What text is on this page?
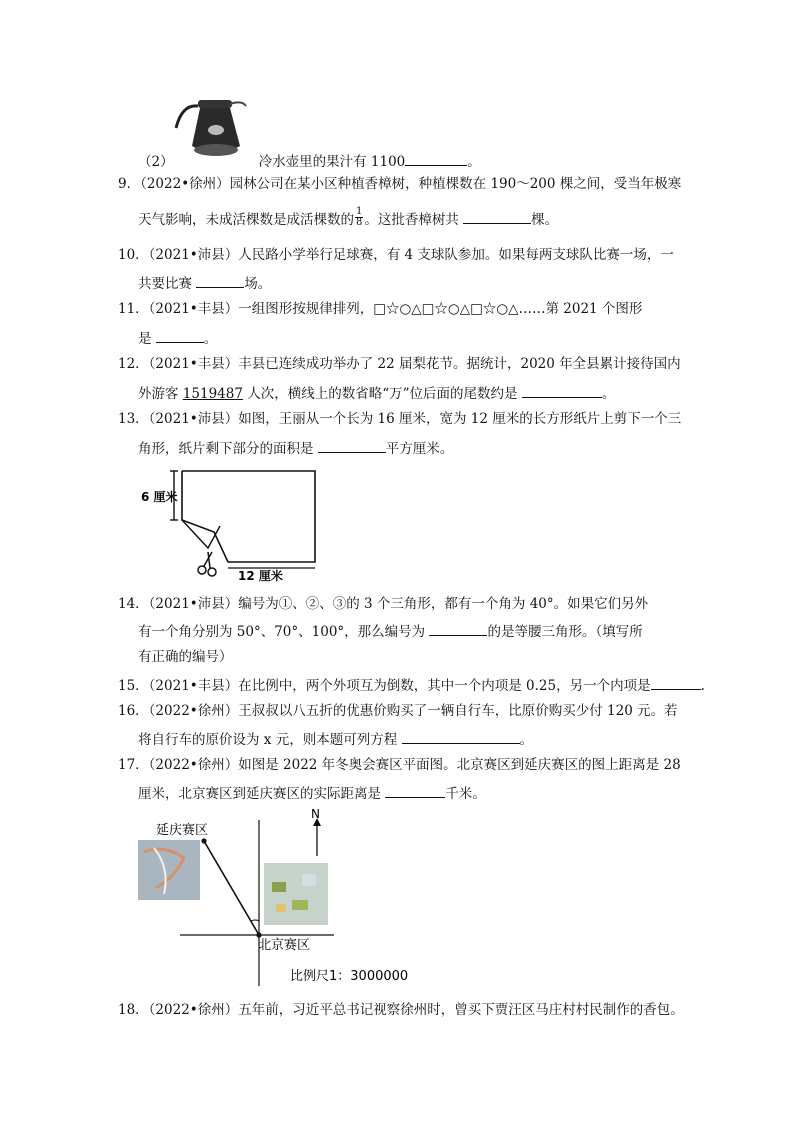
（2）	冷水壶里的果汁有 1100	。
9．（2022•徐州）园林公司在某小区种植香樟树，种植棵数在 190～200 棵之间，受当年极寒
天气影响，未成活棵数是成活棵数的 $\frac{1}{8}$ 。这批香樟树共	棵。
10．（2021•沛县）人民路小学举行足球赛，有 4 支球队参加。如果每两支球队比赛一场，一
共要比赛	场。
11．（2021•丰县）一组图形按规律排列，□☆○△□☆○△□☆○△……第 2021 个图形
是	。
12．（2021•丰县）丰县已连续成功举办了 22 届梨花节。据统计，2020 年全县累计接待国内
外游客 1519487 人次，横线上的数省略“万”位后面的尾数约是	。
13．（2021•沛县）如图，王丽从一个长为 16 厘米，宽为 12 厘米的长方形纸片上剪下一个三
角形，纸片剩下部分的面积是	平方厘米。
6 厘米
12 厘米
14．（2021•沛县）编号为①、②、③的 3 个三角形，都有一个角为 40°。如果它们另外
有一个角分别为 50°、70°、100°，那么编号为	的是等腰三角形。（填写所
有正确的编号）
15．（2021•丰县）在比例中，两个外项互为倒数，其中一个内项是 0.25，另一个内项是	.
16．（2022•徐州）王叔叔以八五折的优惠价购买了一辆自行车，比原价购买少付 120 元。若
将自行车的原价设为 x 元，则本题可列方程	。
17．（2022•徐州）如图是 2022 年冬奥会赛区平面图。北京赛区到延庆赛区的图上距离是 28
厘米，北京赛区到延庆赛区的实际距离是	千米。
延庆赛区
N
北京赛区
比例尺1：3000000
18．（2022•徐州）五年前，习近平总书记视察徐州时，曾买下贾汪区马庄村村民制作的香包。
